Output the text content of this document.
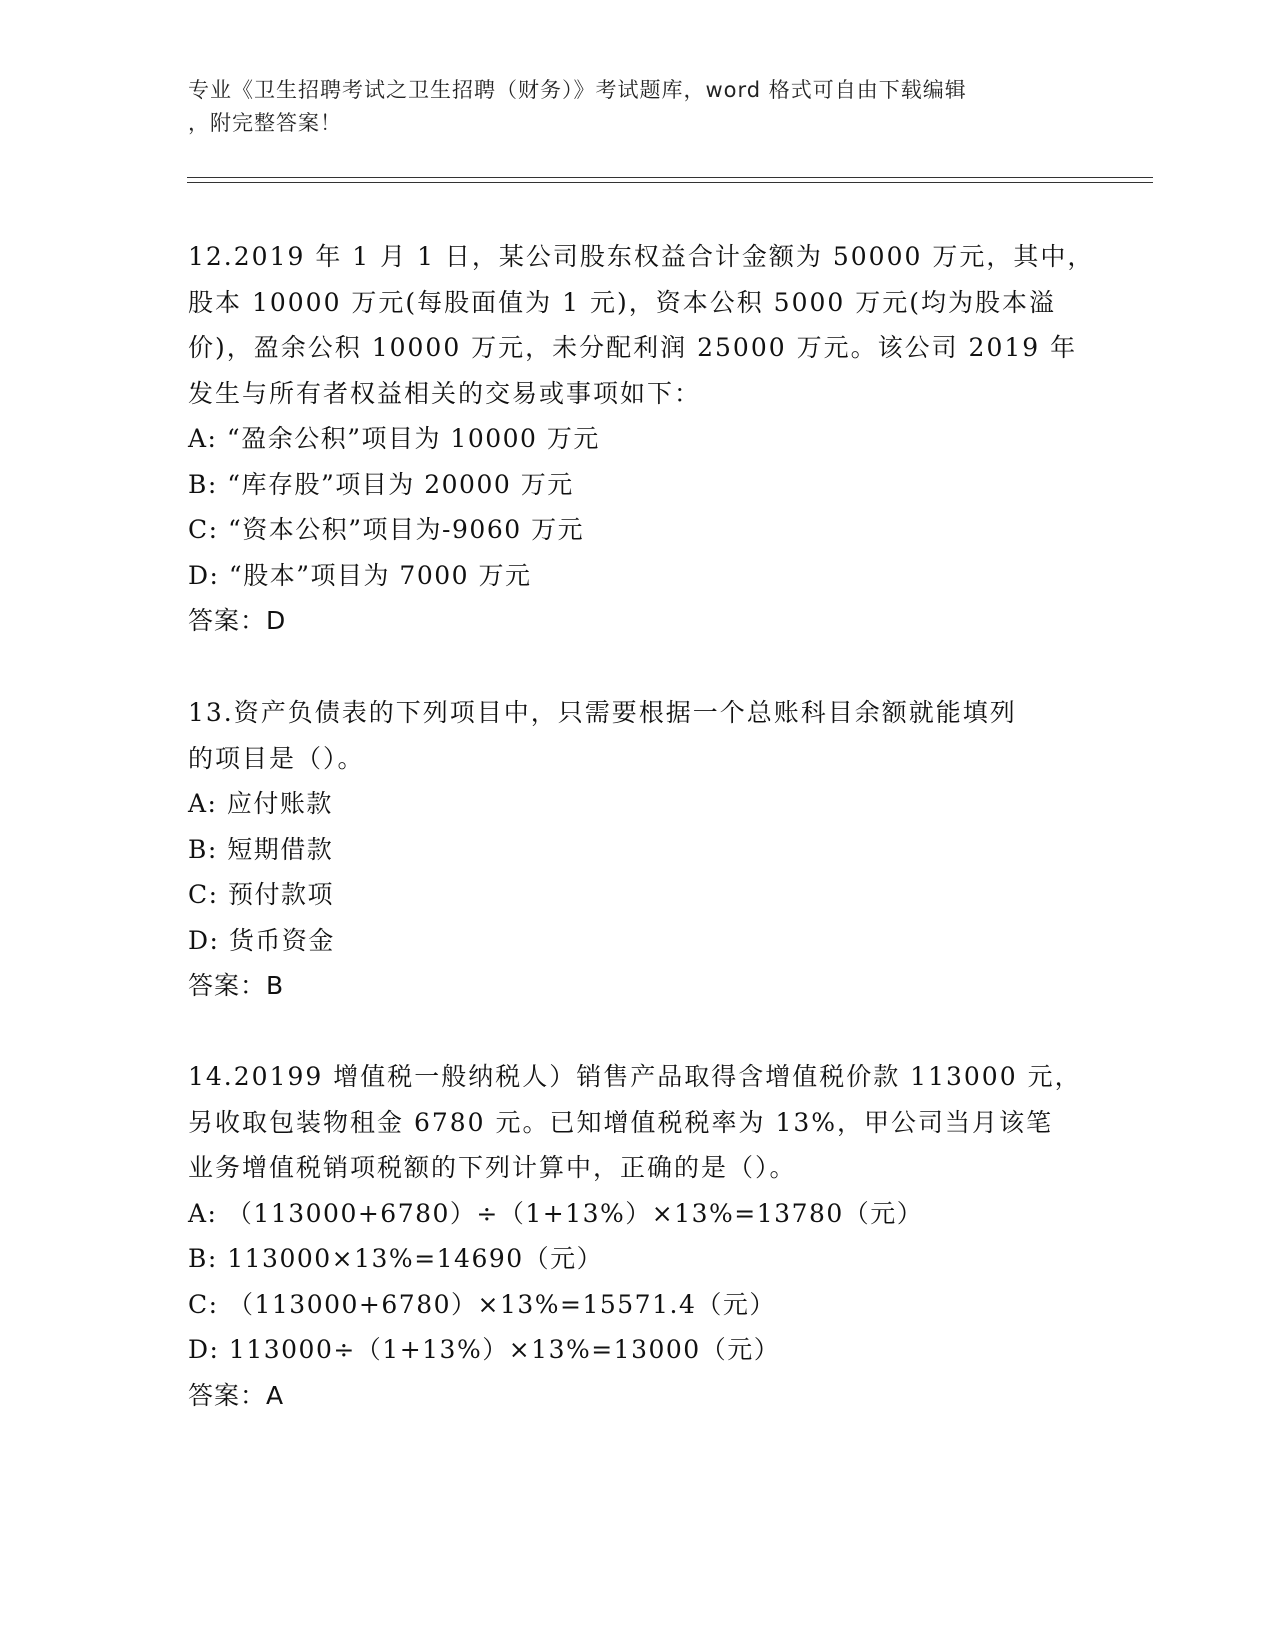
专业《卫生招聘考试之卫生招聘（财务）》考试题库，word 格式可自由下载编辑
，附完整答案！
12.2019 年 1 月 1 日，某公司股东权益合计金额为 50000 万元，其中，
股本 10000 万元(每股面值为 1 元)，资本公积 5000 万元(均为股本溢
价)，盈余公积 10000 万元，未分配利润 25000 万元。该公司 2019 年
发生与所有者权益相关的交易或事项如下：
A: “盈余公积”项目为 10000 万元
B: “库存股”项目为 20000 万元
C: “资本公积”项目为-9060 万元
D: “股本”项目为 7000 万元
答案：D
13.资产负债表的下列项目中，只需要根据一个总账科目余额就能填列
的项目是（）。
A: 应付账款
B: 短期借款
C: 预付款项
D: 货币资金
答案：B
14.20199 增值税一般纳税人）销售产品取得含增值税价款 113000 元，
另收取包装物租金 6780 元。已知增值税税率为 13%，甲公司当月该笔
业务增值税销项税额的下列计算中，正确的是（）。
A: （113000+6780）÷（1+13%）×13%=13780（元）
B: 113000×13%=14690（元）
C: （113000+6780）×13%=15571.4（元）
D: 113000÷（1+13%）×13%=13000（元）
答案：A
